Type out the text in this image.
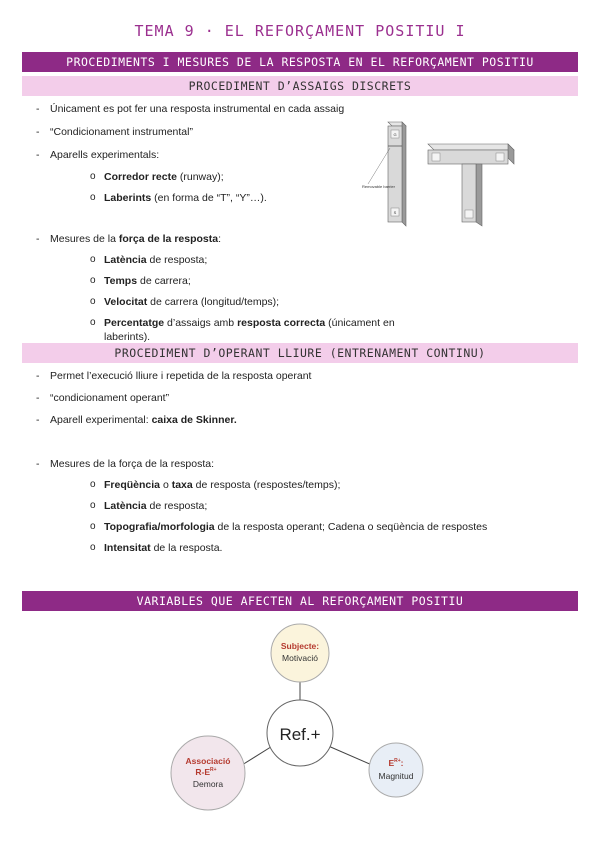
TEMA 9 · EL REFORÇAMENT POSITIU I
PROCEDIMENTS I MESURES DE LA RESPOSTA EN EL REFORÇAMENT POSITIU
PROCEDIMENT D’ASSAIGS DISCRETS
- Únicament es pot fer una resposta instrumental en cada assaig
- “Condicionament instrumental”
- Aparells experimentals:
o Corredor recte (runway);
o Laberints (en forma de “T”, “Y”…).
- Mesures de la força de la resposta:
o Latència de resposta;
o Temps de carrera;
o Velocitat de carrera (longitud/temps);
o Percentatge d’assaigs amb resposta correcta (únicament en laberints).
G
S
Removable barrier
PROCEDIMENT D’OPERANT LLIURE (ENTRENAMENT CONTINU)
- Permet l’execució lliure i repetida de la resposta operant
- “condicionament operant”
- Aparell experimental: caixa de Skinner.
- Mesures de la força de la resposta:
o Freqüència o taxa de resposta (respostes/temps);
o Latència de resposta;
o Topografia/morfologia de la resposta operant; Cadena o seqüència de respostes
o Intensitat de la resposta.
VARIABLES QUE AFECTEN AL REFORÇAMENT POSITIU
Subjecte:
Motivació
Ref.+
Associació
$R-E^{R+}$
Demora
$E^{R+}$:
Magnitud
